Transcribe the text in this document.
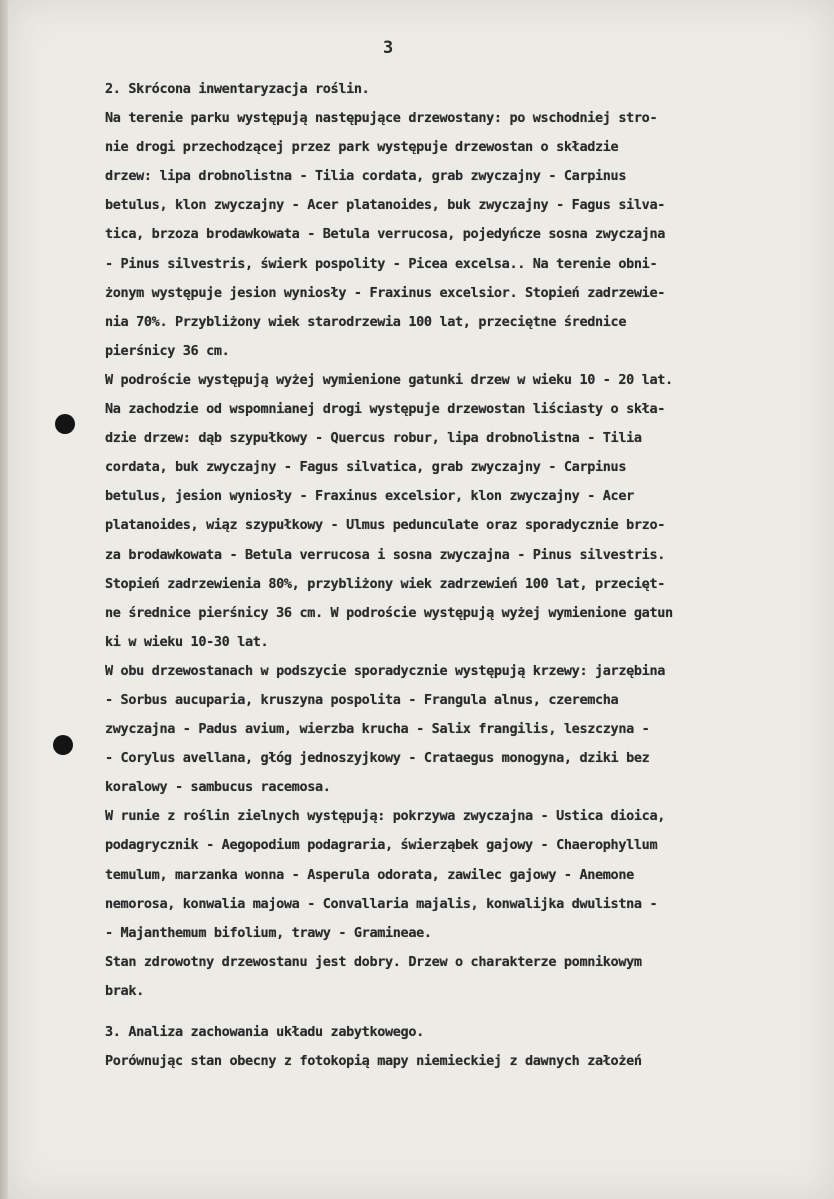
3
2. Skrócona inwentaryzacja roślin.
Na terenie parku występują następujące drzewostany: po wschodniej stro-
nie drogi przechodzącej przez park występuje drzewostan o składzie
drzew: lipa drobnolistna - Tilia cordata, grab zwyczajny - Carpinus
betulus, klon zwyczajny - Acer platanoides, buk zwyczajny - Fagus silva-
tica, brzoza brodawkowata - Betula verrucosa, pojedyńcze sosna zwyczajna
- Pinus silvestris, świerk pospolity - Picea excelsa.. Na terenie obni-
żonym występuje jesion wyniosły - Fraxinus excelsior. Stopień zadrzewie-
nia 70%. Przybliżony wiek starodrzewia 100 lat, przeciętne średnice
pierśnicy 36 cm.
W podroście występują wyżej wymienione gatunki drzew w wieku 10 - 20 lat.
Na zachodzie od wspomnianej drogi występuje drzewostan liściasty o skła-
dzie drzew: dąb szypułkowy - Quercus robur, lipa drobnolistna - Tilia
cordata, buk zwyczajny - Fagus silvatica, grab zwyczajny - Carpinus
betulus, jesion wyniosły - Fraxinus excelsior, klon zwyczajny - Acer
platanoides, wiąz szypułkowy - Ulmus pedunculate oraz sporadycznie brzo-
za brodawkowata - Betula verrucosa i sosna zwyczajna - Pinus silvestris.
Stopień zadrzewienia 80%, przybliżony wiek zadrzewień 100 lat, przecięt-
ne średnice pierśnicy 36 cm. W podroście występują wyżej wymienione gatun
ki w wieku 10-30 lat.
W obu drzewostanach w podszycie sporadycznie występują krzewy: jarzębina
- Sorbus aucuparia, kruszyna pospolita - Frangula alnus, czeremcha
zwyczajna - Padus avium, wierzba krucha - Salix frangilis, leszczyna -
- Corylus avellana, głóg jednoszyjkowy - Crataegus monogyna, dziki bez
koralowy - sambucus racemosa.
W runie z roślin zielnych występują: pokrzywa zwyczajna - Ustica dioica,
podagrycznik - Aegopodium podagraria, świerząbek gajowy - Chaerophyllum
temulum, marzanka wonna - Asperula odorata, zawilec gajowy - Anemone
nemorosa, konwalia majowa - Convallaria majalis, konwalijka dwulistna -
- Majanthemum bifolium, trawy - Gramineae.
Stan zdrowotny drzewostanu jest dobry. Drzew o charakterze pomnikowym
brak.
3. Analiza zachowania układu zabytkowego.
Porównując stan obecny z fotokopią mapy niemieckiej z dawnych założeń
